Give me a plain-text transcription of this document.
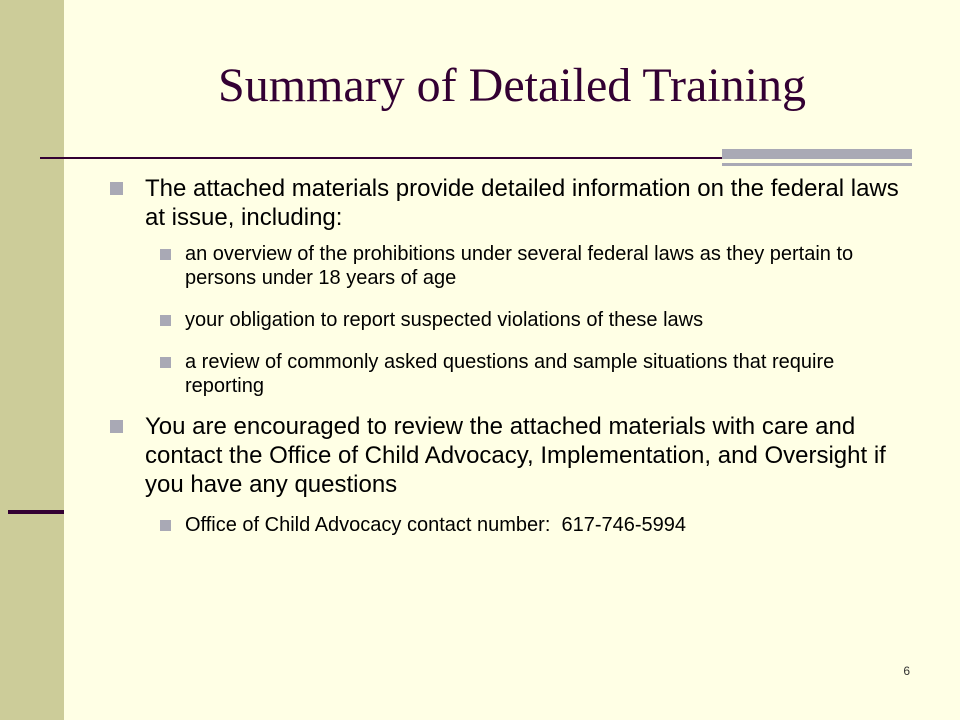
Summary of Detailed Training
The attached materials provide detailed information on the federal laws at issue, including:
an overview of the prohibitions under several federal laws as they pertain to persons under 18 years of age
your obligation to report suspected violations of these laws
a review of commonly asked questions and sample situations that require reporting
You are encouraged to review the attached materials with care and contact the Office of Child Advocacy, Implementation, and Oversight if you have any questions
Office of Child Advocacy contact number:  617-746-5994
6
